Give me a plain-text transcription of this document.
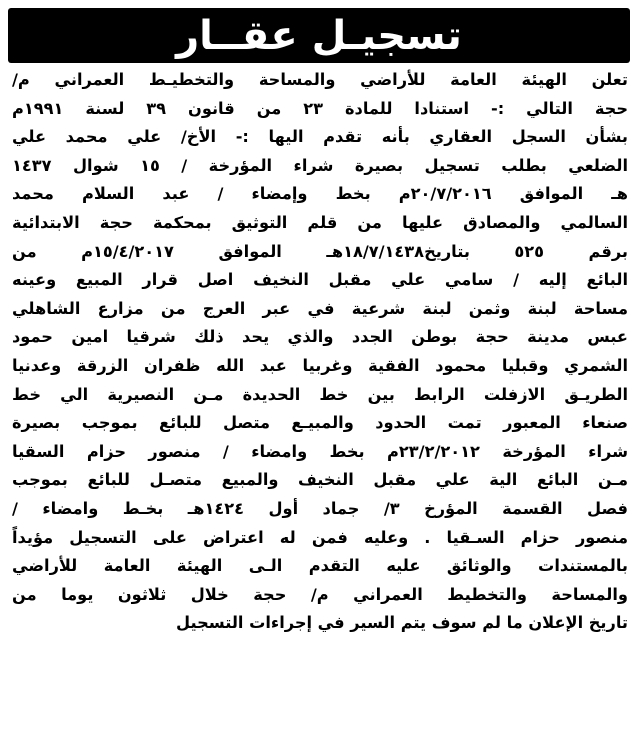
تسجيـل عقــار
تعلن الهيئة العامة للأراضي والمساحة والتخطيـط العمراني م/
حجة التالي :- استنادا للمادة ٢٣ من قانون ٣٩ لسنة ١٩٩١م
بشأن السجل العقاري بأنه تقدم اليها :- الأخ/ علي محمد علي
الضلعي بطلب تسجيل بصيرة شراء المؤرخة / ١٥ شوال ١٤٣٧
هـ الموافق ٢٠/٧/٢٠١٦م بخط وإمضاء / عبد السلام محمد
السالمي والمصادق عليها من قلم التوثيق بمحكمة حجة الابتدائية
برقم ٥٢٥ بتاريخ١٨/٧/١٤٣٨هـ الموافق ١٥/٤/٢٠١٧م من
البائع إليه / سامي علي مقبل النخيف اصل قرار المبيع وعينه
مساحة لبنة وثمن لبنة شرعية في عبر العرج من مزارع الشاهلي
عبس مدينة حجة بوطن الجدد والذي يحد ذلك شرقيا امين حمود
الشمري وقبليا محمود الفقية وغربيا عبد الله ظفران الزرقة وعدنيا
الطريـق الازفلت الرابط بين خط الحديدة مـن النصيرية الي خط
صنعاء المعبور تمت الحدود والمبيـع متصل للبائع بموجب بصيرة
شراء المؤرخة ٢٣/٢/٢٠١٢م بخط وامضاء / منصور حزام السقيا
مـن البائع الية علي مقبل النخيف والمبيع متصـل للبائع بموجب
فصل القسمة المؤرخ ٣/ جماد أول ١٤٢٤هـ بخـط وامضاء /
منصور حزام السـقيا . وعليه فمن له اعتراض على التسجيل مؤيداً
بالمستندات والوثائق عليه التقدم الـى الهيئة العامة للأراضي
والمساحة والتخطيط العمراني م/ حجة خلال ثلاثون يوما من
تاريخ الإعلان ما لم سوف يتم السير في إجراءات التسجيل
